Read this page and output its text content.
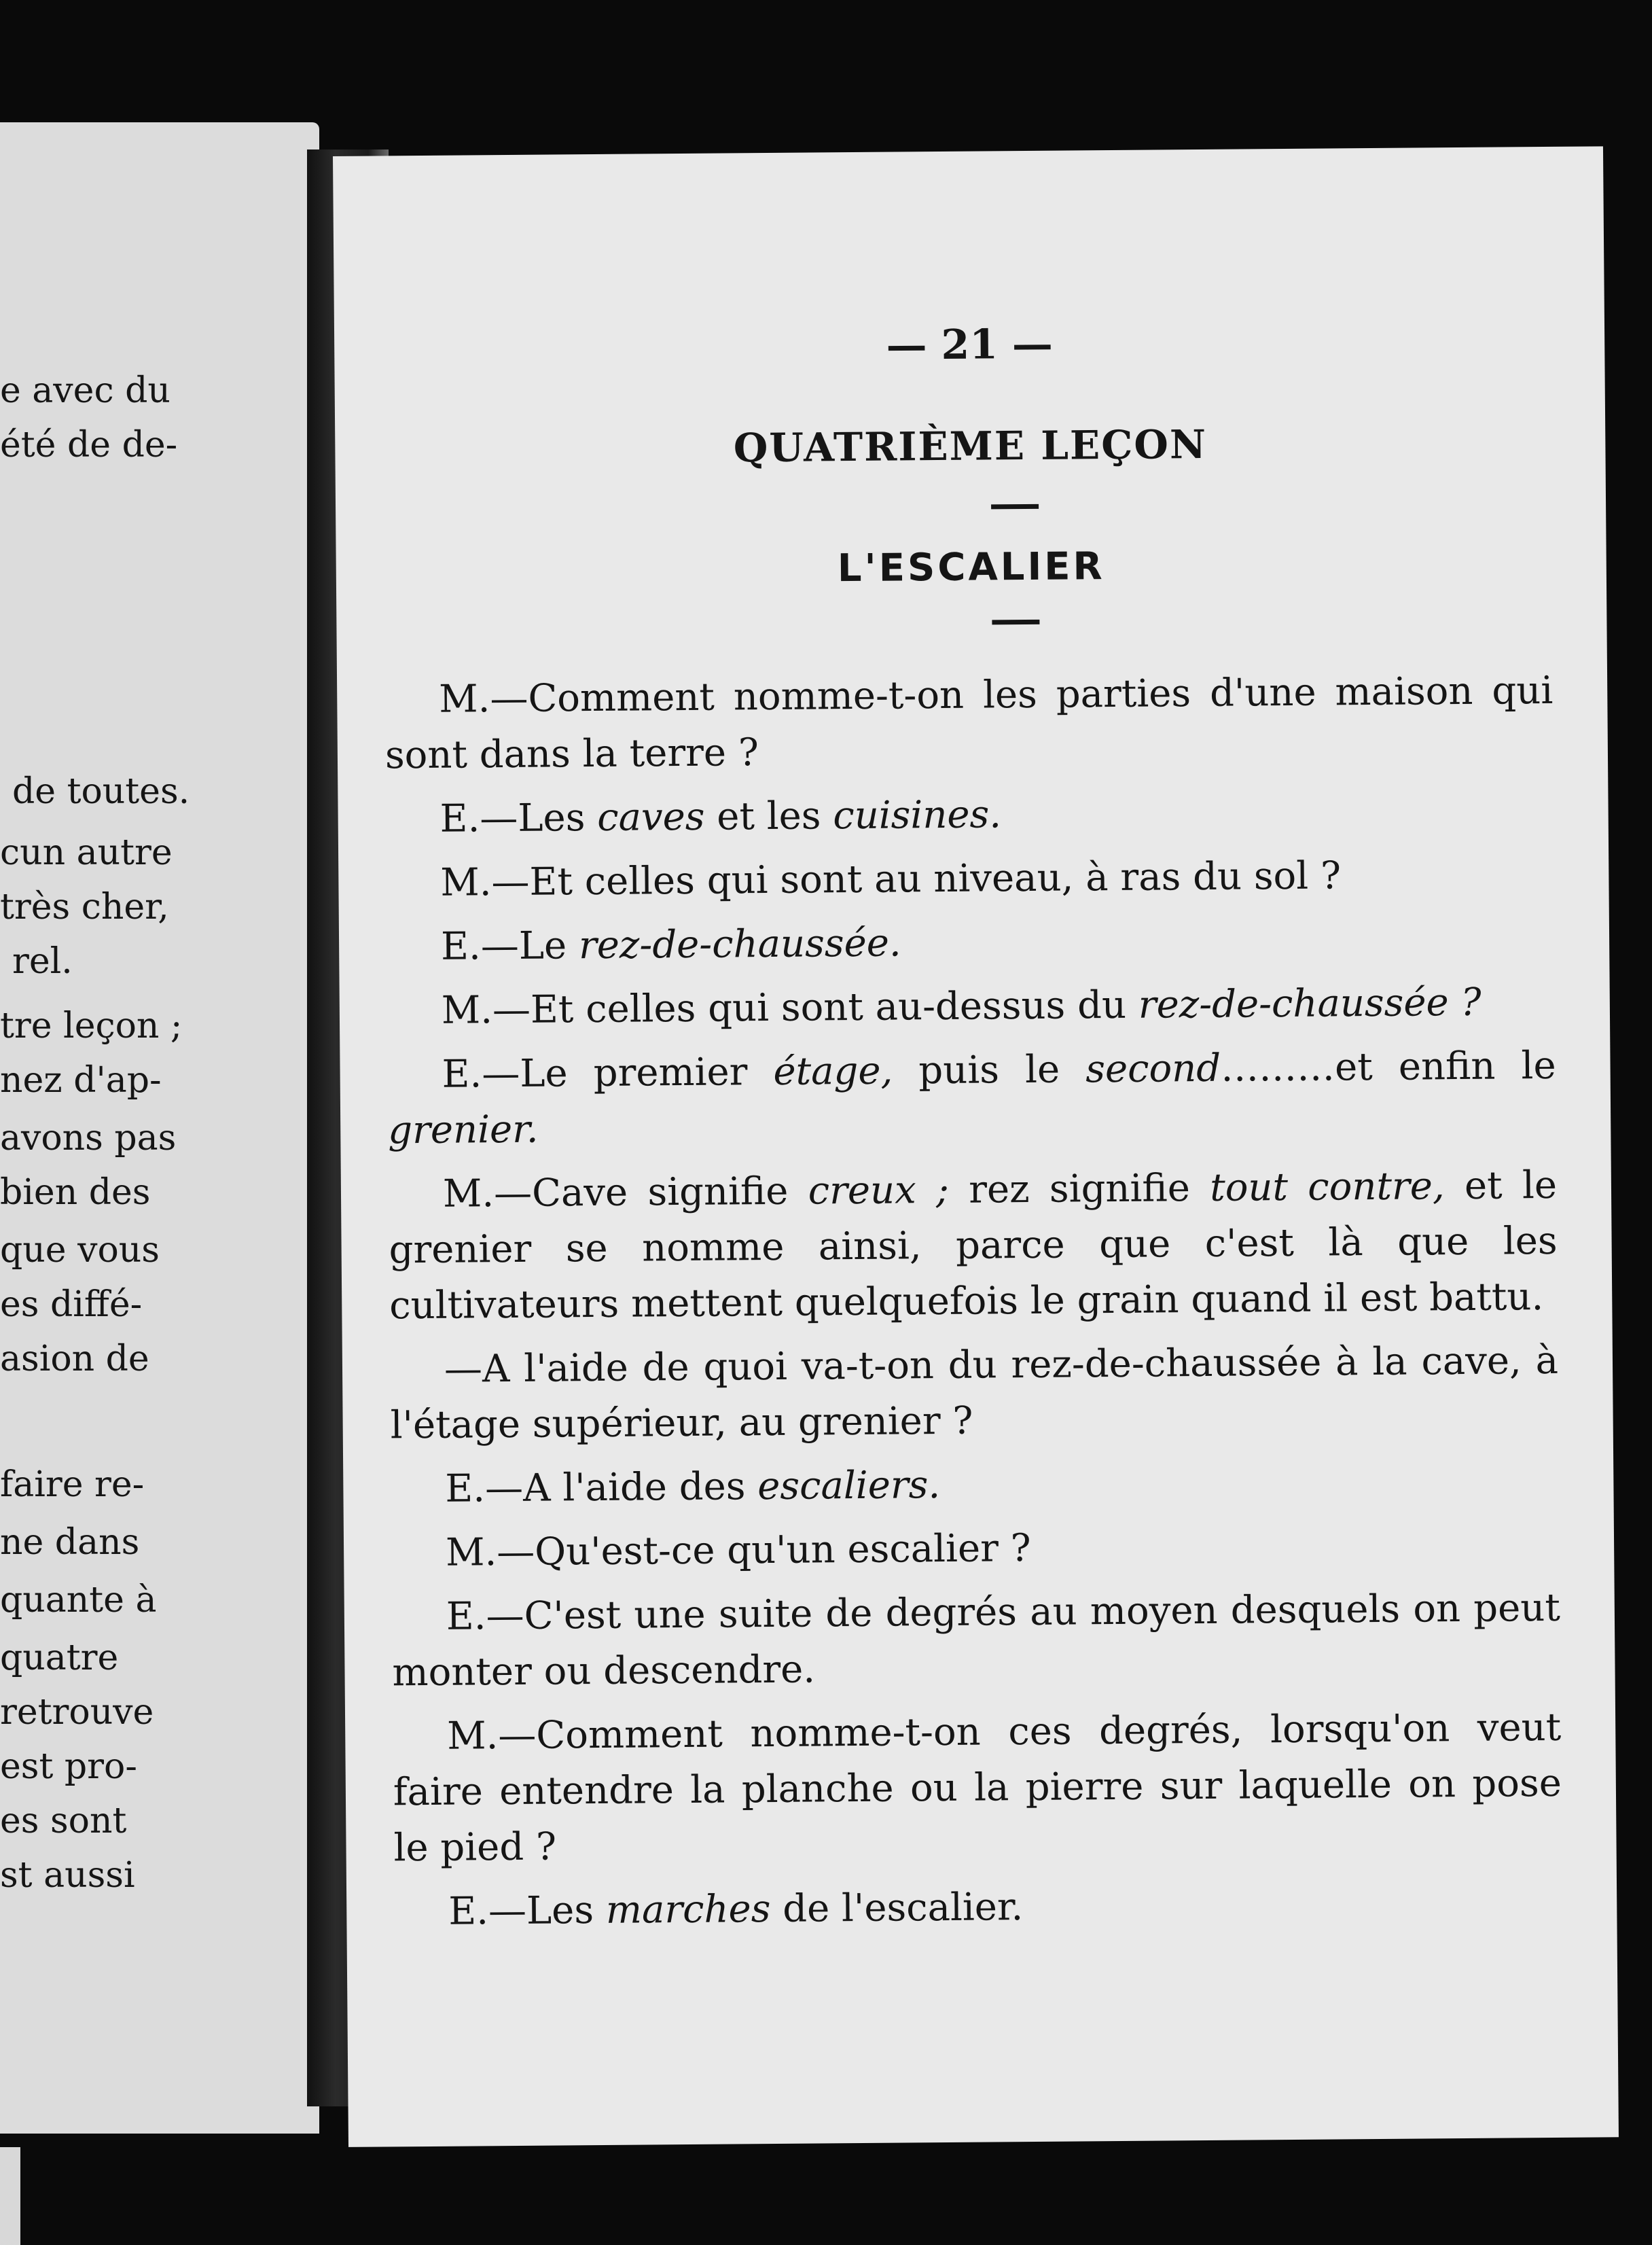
e avec du
été de de-
de toutes.
cun autre
très cher,
rel.
tre leçon ;
nez d'ap-
avons pas
bien des
que vous
es diffé-
asion de
faire re-
ne dans
quante à
quatre
retrouve
est pro-
es sont
st aussi
— 21 —
QUATRIÈME LEÇON
L'ESCALIER

M.—Comment nomme-t-on les parties d'une maison qui sont dans la terre ?

E.—Les caves et les cuisines.

M.—Et celles qui sont au niveau, à ras du sol ?

E.—Le rez-de-chaussée.

M.—Et celles qui sont au-dessus du rez-de-chaussée ?

E.—Le premier étage, puis le second………et enfin le grenier.

M.—Cave signifie creux ; rez signifie tout contre, et le grenier se nomme ainsi, parce que c'est là que les cultivateurs mettent quelquefois le grain quand il est battu.

—A l'aide de quoi va-t-on du rez-de-chaussée à la cave, à l'étage supérieur, au grenier ?

E.—A l'aide des escaliers.

M.—Qu'est-ce qu'un escalier ?

E.—C'est une suite de degrés au moyen desquels on peut monter ou descendre.

M.—Comment nomme-t-on ces degrés, lorsqu'on veut faire entendre la planche ou la pierre sur laquelle on pose le pied ?

E.—Les marches de l'escalier.
